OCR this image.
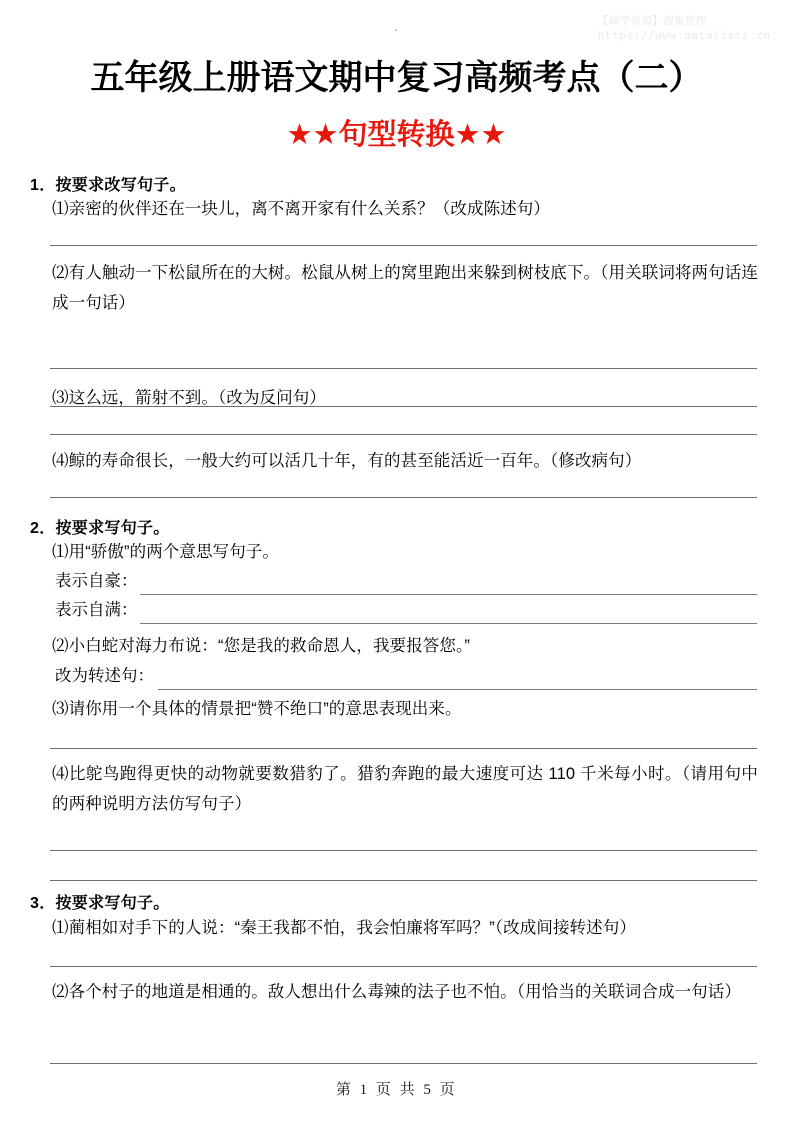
【尚学资源】搜集整理
https://www.datalists.cn
五年级上册语文期中复习高频考点（二）
★★句型转换★★
1．按要求改写句子。
⑴亲密的伙伴还在一块儿，离不离开家有什么关系？（改成陈述句）
⑵有人触动一下松鼠所在的大树。松鼠从树上的窝里跑出来躲到树枝底下。（用关联词将两句话连成一句话）
⑶这么远，箭射不到。（改为反问句）
⑷鲸的寿命很长，一般大约可以活几十年，有的甚至能活近一百年。（修改病句）
2．按要求写句子。
⑴用“骄傲”的两个意思写句子。
表示自豪：
表示自满：
⑵小白蛇对海力布说：“您是我的救命恩人，我要报答您。”
改为转述句：
⑶请你用一个具体的情景把“赞不绝口”的意思表现出来。
⑷比鸵鸟跑得更快的动物就要数猎豹了。猎豹奔跑的最大速度可达 110 千米每小时。（请用句中的两种说明方法仿写句子）
3．按要求写句子。
⑴蔺相如对手下的人说：“秦王我都不怕，我会怕廉将军吗？”（改成间接转述句）
⑵各个村子的地道是相通的。敌人想出什么毒辣的法子也不怕。（用恰当的关联词合成一句话）
第 1 页 共 5 页
